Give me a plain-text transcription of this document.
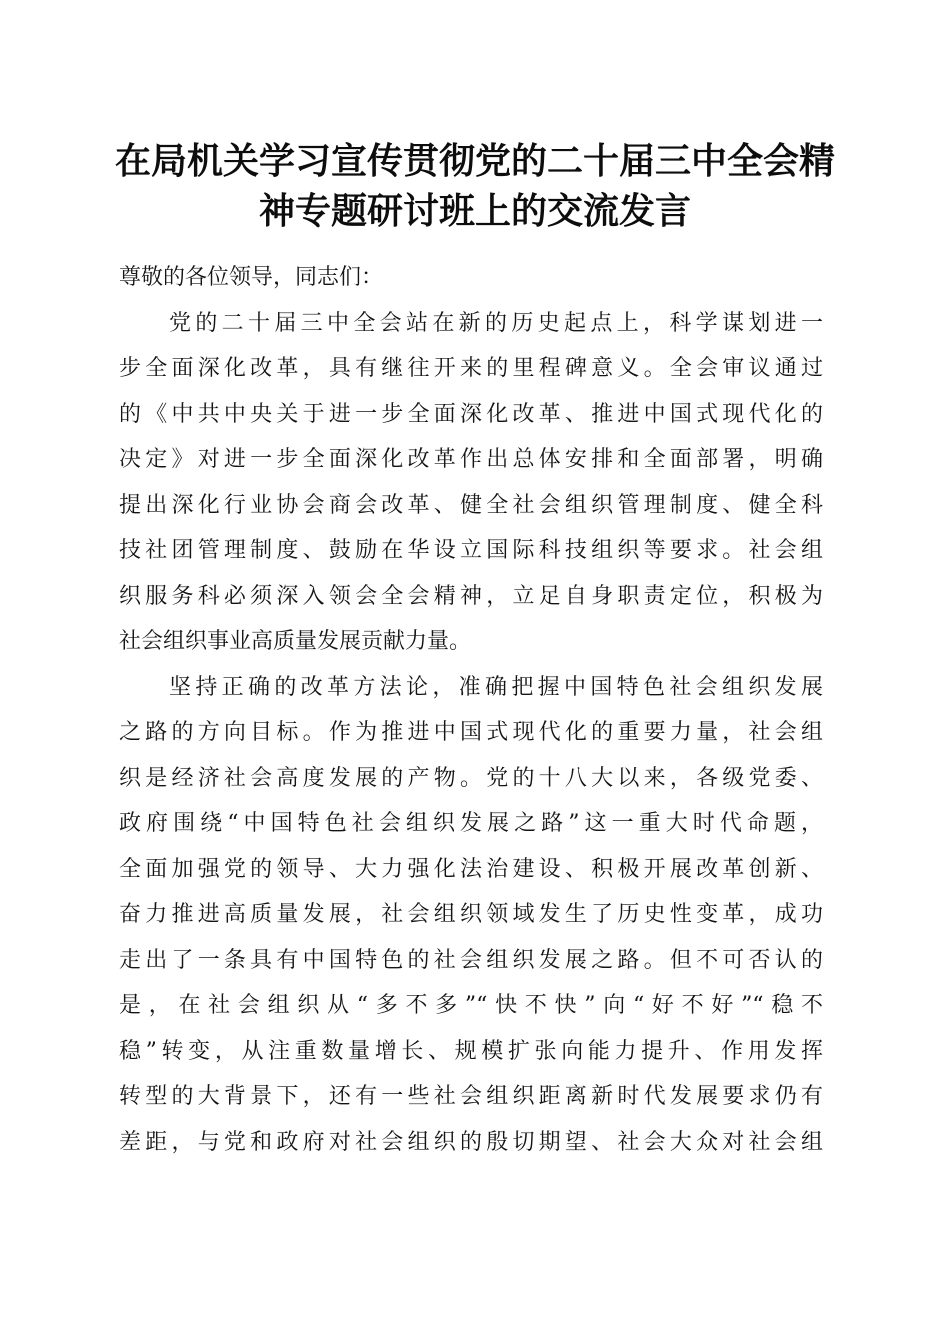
在局机关学习宣传贯彻党的二十届三中全会精
神专题研讨班上的交流发言
尊敬的各位领导，同志们：
党的二十届三中全会站在新的历史起点上，科学谋划进一
步全面深化改革，具有继往开来的里程碑意义。全会审议通过
的《中共中央关于进一步全面深化改革、推进中国式现代化的
决定》对进一步全面深化改革作出总体安排和全面部署，明确
提出深化行业协会商会改革、健全社会组织管理制度、健全科
技社团管理制度、鼓励在华设立国际科技组织等要求。社会组
织服务科必须深入领会全会精神，立足自身职责定位，积极为
社会组织事业高质量发展贡献力量。
坚持正确的改革方法论，准确把握中国特色社会组织发展
之路的方向目标。作为推进中国式现代化的重要力量，社会组
织是经济社会高度发展的产物。党的十八大以来，各级党委、
政府围绕“中国特色社会组织发展之路”这一重大时代命题，
全面加强党的领导、大力强化法治建设、积极开展改革创新、
奋力推进高质量发展，社会组织领域发生了历史性变革，成功
走出了一条具有中国特色的社会组织发展之路。但不可否认的
是，在社会组织从“多不多”“快不快”向“好不好”“稳不
稳”转变，从注重数量增长、规模扩张向能力提升、作用发挥
转型的大背景下，还有一些社会组织距离新时代发展要求仍有
差距，与党和政府对社会组织的殷切期望、社会大众对社会组
